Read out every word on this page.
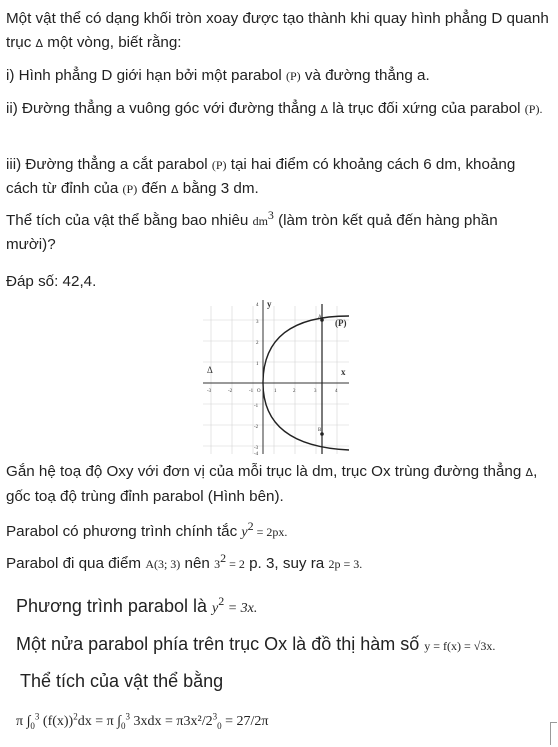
Một vật thể có dạng khối tròn xoay được tạo thành khi quay hình phẳng D quanh trục Δ một vòng, biết rằng:

i) Hình phẳng D giới hạn bởi một parabol (P) và đường thẳng a.

ii) Đường thẳng a vuông góc với đường thẳng Δ là trục đối xứng của parabol (P).

iii) Đường thẳng a cắt parabol (P) tại hai điểm có khoảng cách 6 dm, khoảng cách từ đỉnh của (P) đến Δ bằng 3 dm.

Thể tích của vật thể bằng bao nhiêu $dm^3$ (làm tròn kết quả đến hàng phần mười)?

Đáp số: 42,4.

4 y
A
(P)
B
Δ	x
-3	-2	-1 O	2	3	4
3
2
1
-1
-2
-3
-4
1

Gắn hệ toạ độ Oxy với đơn vị của mỗi trục là dm, trục Ox trùng đường thẳng Δ, gốc toạ độ trùng đỉnh parabol (Hình bên).

Parabol có phương trình chính tắc $y^2 = 2px$.

Parabol đi qua điểm A(3; 3) nên $3^2 = 2$ p. 3, suy ra 2p = 3.

Phương trình parabol là $y^2 = 3x$.

Một nửa parabol phía trên trục Ox là đồ thị hàm số y = f(x) = √3x.

Thể tích của vật thể bằng

π $\int_0^3$ $(f(x))^2dx = \pi$ $\int_0^3$ $3xdx = \pi 3x^2/2^3_0 = 27/2\pi$
